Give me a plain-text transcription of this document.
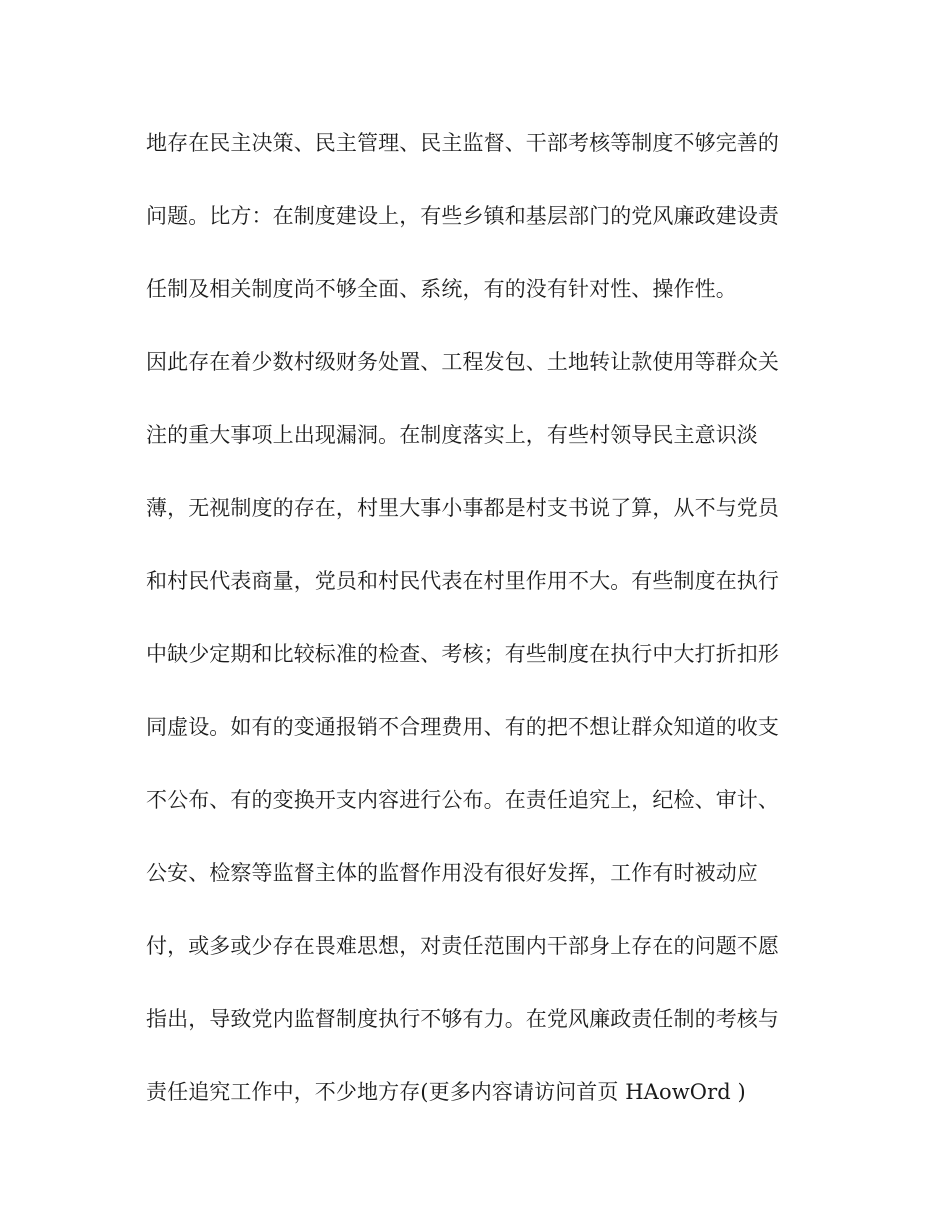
地存在民主决策、民主管理、民主监督、干部考核等制度不够完善的
问题。比方：在制度建设上，有些乡镇和基层部门的党风廉政建设责
任制及相关制度尚不够全面、系统，有的没有针对性、操作性。
因此存在着少数村级财务处置、工程发包、土地转让款使用等群众关
注的重大事项上出现漏洞。在制度落实上，有些村领导民主意识淡
薄，无视制度的存在，村里大事小事都是村支书说了算，从不与党员
和村民代表商量，党员和村民代表在村里作用不大。有些制度在执行
中缺少定期和比较标准的检查、考核；有些制度在执行中大打折扣形
同虚设。如有的变通报销不合理费用、有的把不想让群众知道的收支
不公布、有的变换开支内容进行公布。在责任追究上，纪检、审计、
公安、检察等监督主体的监督作用没有很好发挥，工作有时被动应
付，或多或少存在畏难思想，对责任范围内干部身上存在的问题不愿
指出，导致党内监督制度执行不够有力。在党风廉政责任制的考核与
责任追究工作中，不少地方存(更多内容请访问首页 HAowOrd )
